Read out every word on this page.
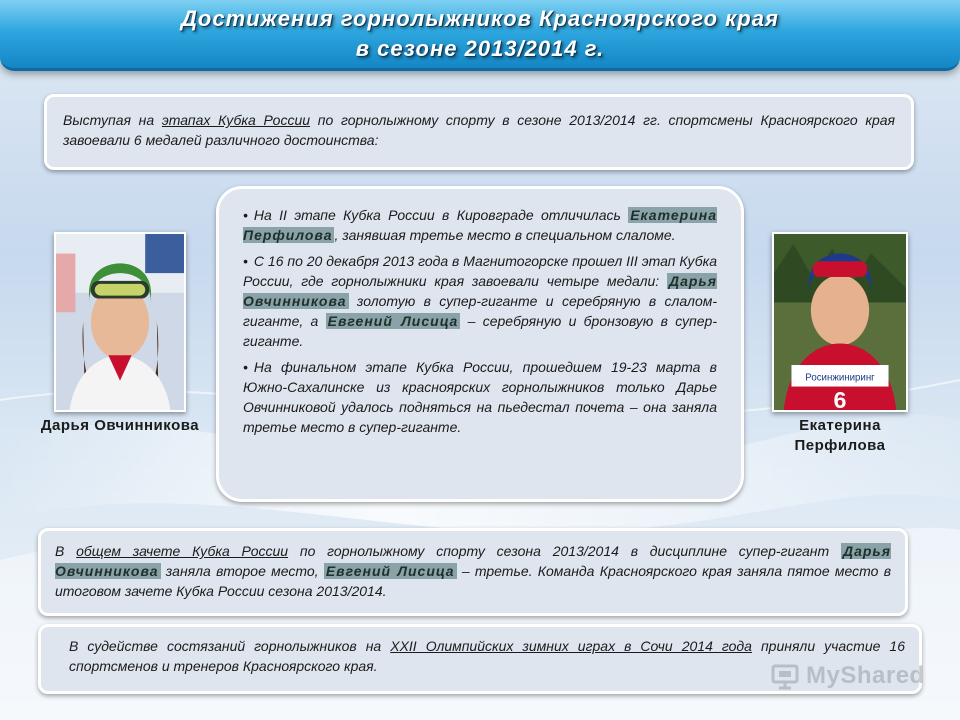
Достижения горнолыжников Красноярского края
в сезоне 2013/2014 г.
Выступая на этапах Кубка России по горнолыжному спорту в сезоне 2013/2014 гг. спортсмены Красноярского края завоевали 6 медалей различного достоинства:
Дарья Овчинникова
Росинжиниринг
6
Екатерина Перфилова

• На II этапе Кубка России в Кировграде отличилась Екатерина Перфилова , занявшая третье место в специальном слаломе.

• С 16 по 20 декабря 2013 года в Магнитогорске прошел III этап Кубка России, где горнолыжники края завоевали четыре медали: Дарья Овчинникова золотую в супер-гиганте и серебряную в слалом-гиганте, а Евгений Лисица – серебряную и бронзовую в супер-гиганте.

• На финальном этапе Кубка России, прошедшем 19-23 марта в Южно-Сахалинске из красноярских горнолыжников только Дарье Овчинниковой удалось подняться на пьедестал почета – она заняла третье место в супер-гиганте.

В общем зачете Кубка России по горнолыжному спорту сезона 2013/2014 в дисциплине супер-гигант Дарья Овчинникова заняла второе место, Евгений Лисица – третье. Команда Красноярского края заняла пятое место в итоговом зачете Кубка России сезона 2013/2014.
В судействе состязаний горнолыжников на XXII Олимпийских зимних играх в Сочи 2014 года приняли участие 16 спортсменов и тренеров Красноярского края.	MyShared
